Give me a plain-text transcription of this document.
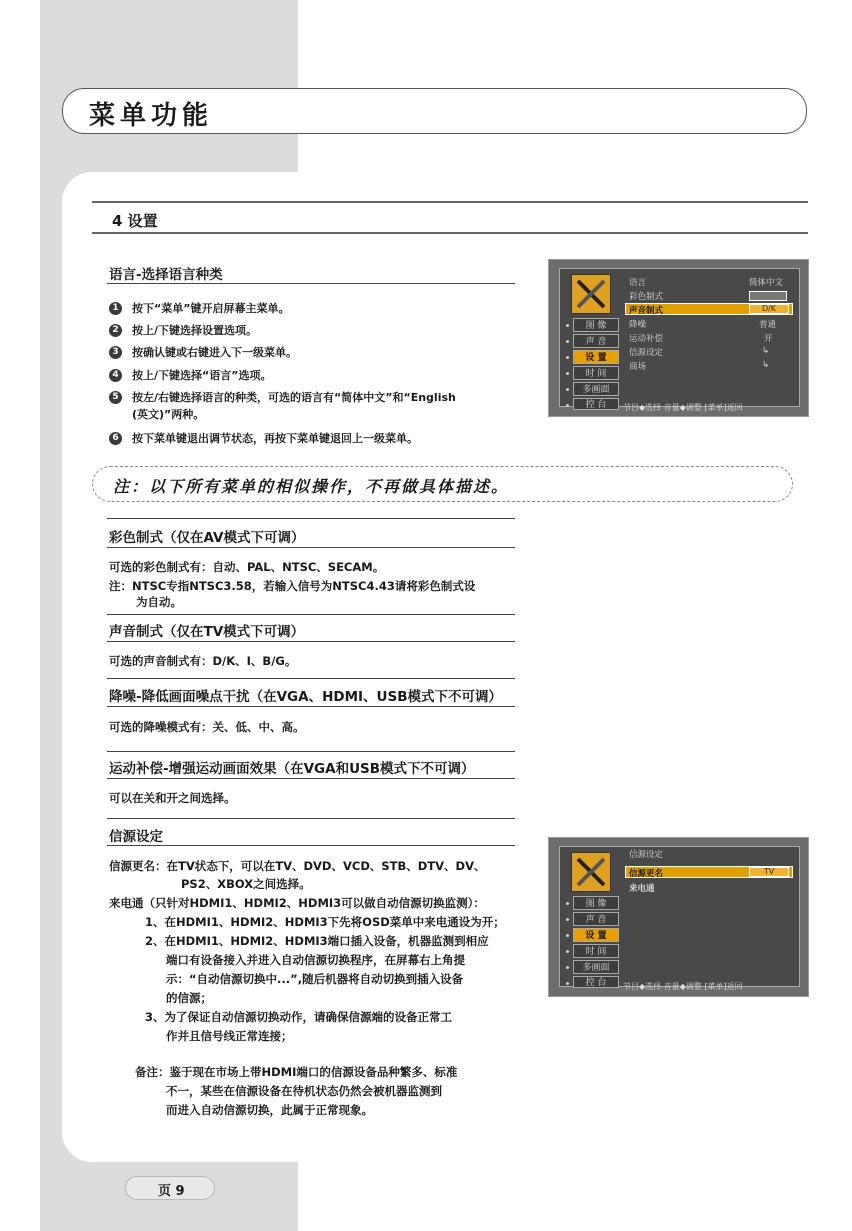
菜单功能
4 设置
语言-选择语言种类
1	按下“菜单”键开启屏幕主菜单。
2	按上/下键选择设置选项。
3	按确认键或右键进入下一级菜单。
4	按上/下键选择“语言”选项。
5	按左/右键选择语言的种类，可选的语言有“简体中文”和“English
(英文)”两种。
6	按下菜单键退出调节状态，再按下菜单键退回上一级菜单。
图 像
声 音
设 置
时 间
多画面
控 台
语言	简体中文
彩色制式
声音制式	D/K
降噪	普通
运动补偿	开
信源设定	↳
商场	↳
节目◆选择 音量◆调整 [菜单]返回
注：以下所有菜单的相似操作，不再做具体描述。
彩色制式（仅在AV模式下可调）
可选的彩色制式有：自动、PAL、NTSC、SECAM。
注：NTSC专指NTSC3.58，若输入信号为NTSC4.43请将彩色制式设
为自动。
声音制式（仅在TV模式下可调）
可选的声音制式有：D/K、I、B/G。
降噪-降低画面噪点干扰（在VGA、HDMI、USB模式下不可调）
可选的降噪模式有：关、低、中、高。
运动补偿-增强运动画面效果（在VGA和USB模式下不可调）
可以在关和开之间选择。
信源设定
信源更名：在TV状态下，可以在TV、DVD、VCD、STB、DTV、DV、
PS2、XBOX之间选择。
来电通（只针对HDMI1、HDMI2、HDMI3可以做自动信源切换监测）：
1、在HDMI1、HDMI2、HDMI3下先将OSD菜单中来电通设为开；
2、在HDMI1、HDMI2、HDMI3端口插入设备，机器监测到相应
端口有设备接入并进入自动信源切换程序，在屏幕右上角提
示：“自动信源切换中...”,随后机器将自动切换到插入设备
的信源；
3、为了保证自动信源切换动作，请确保信源端的设备正常工
作并且信号线正常连接；
备注：鉴于现在市场上带HDMI端口的信源设备品种繁多、标准
不一，某些在信源设备在待机状态仍然会被机器监测到
而进入自动信源切换，此属于正常现象。
图 像
声 音
设 置
时 间
多画面
控 台
信源设定
信源更名	TV
来电通
节目◆选择 音量◆调整 [菜单]返回
页 9
